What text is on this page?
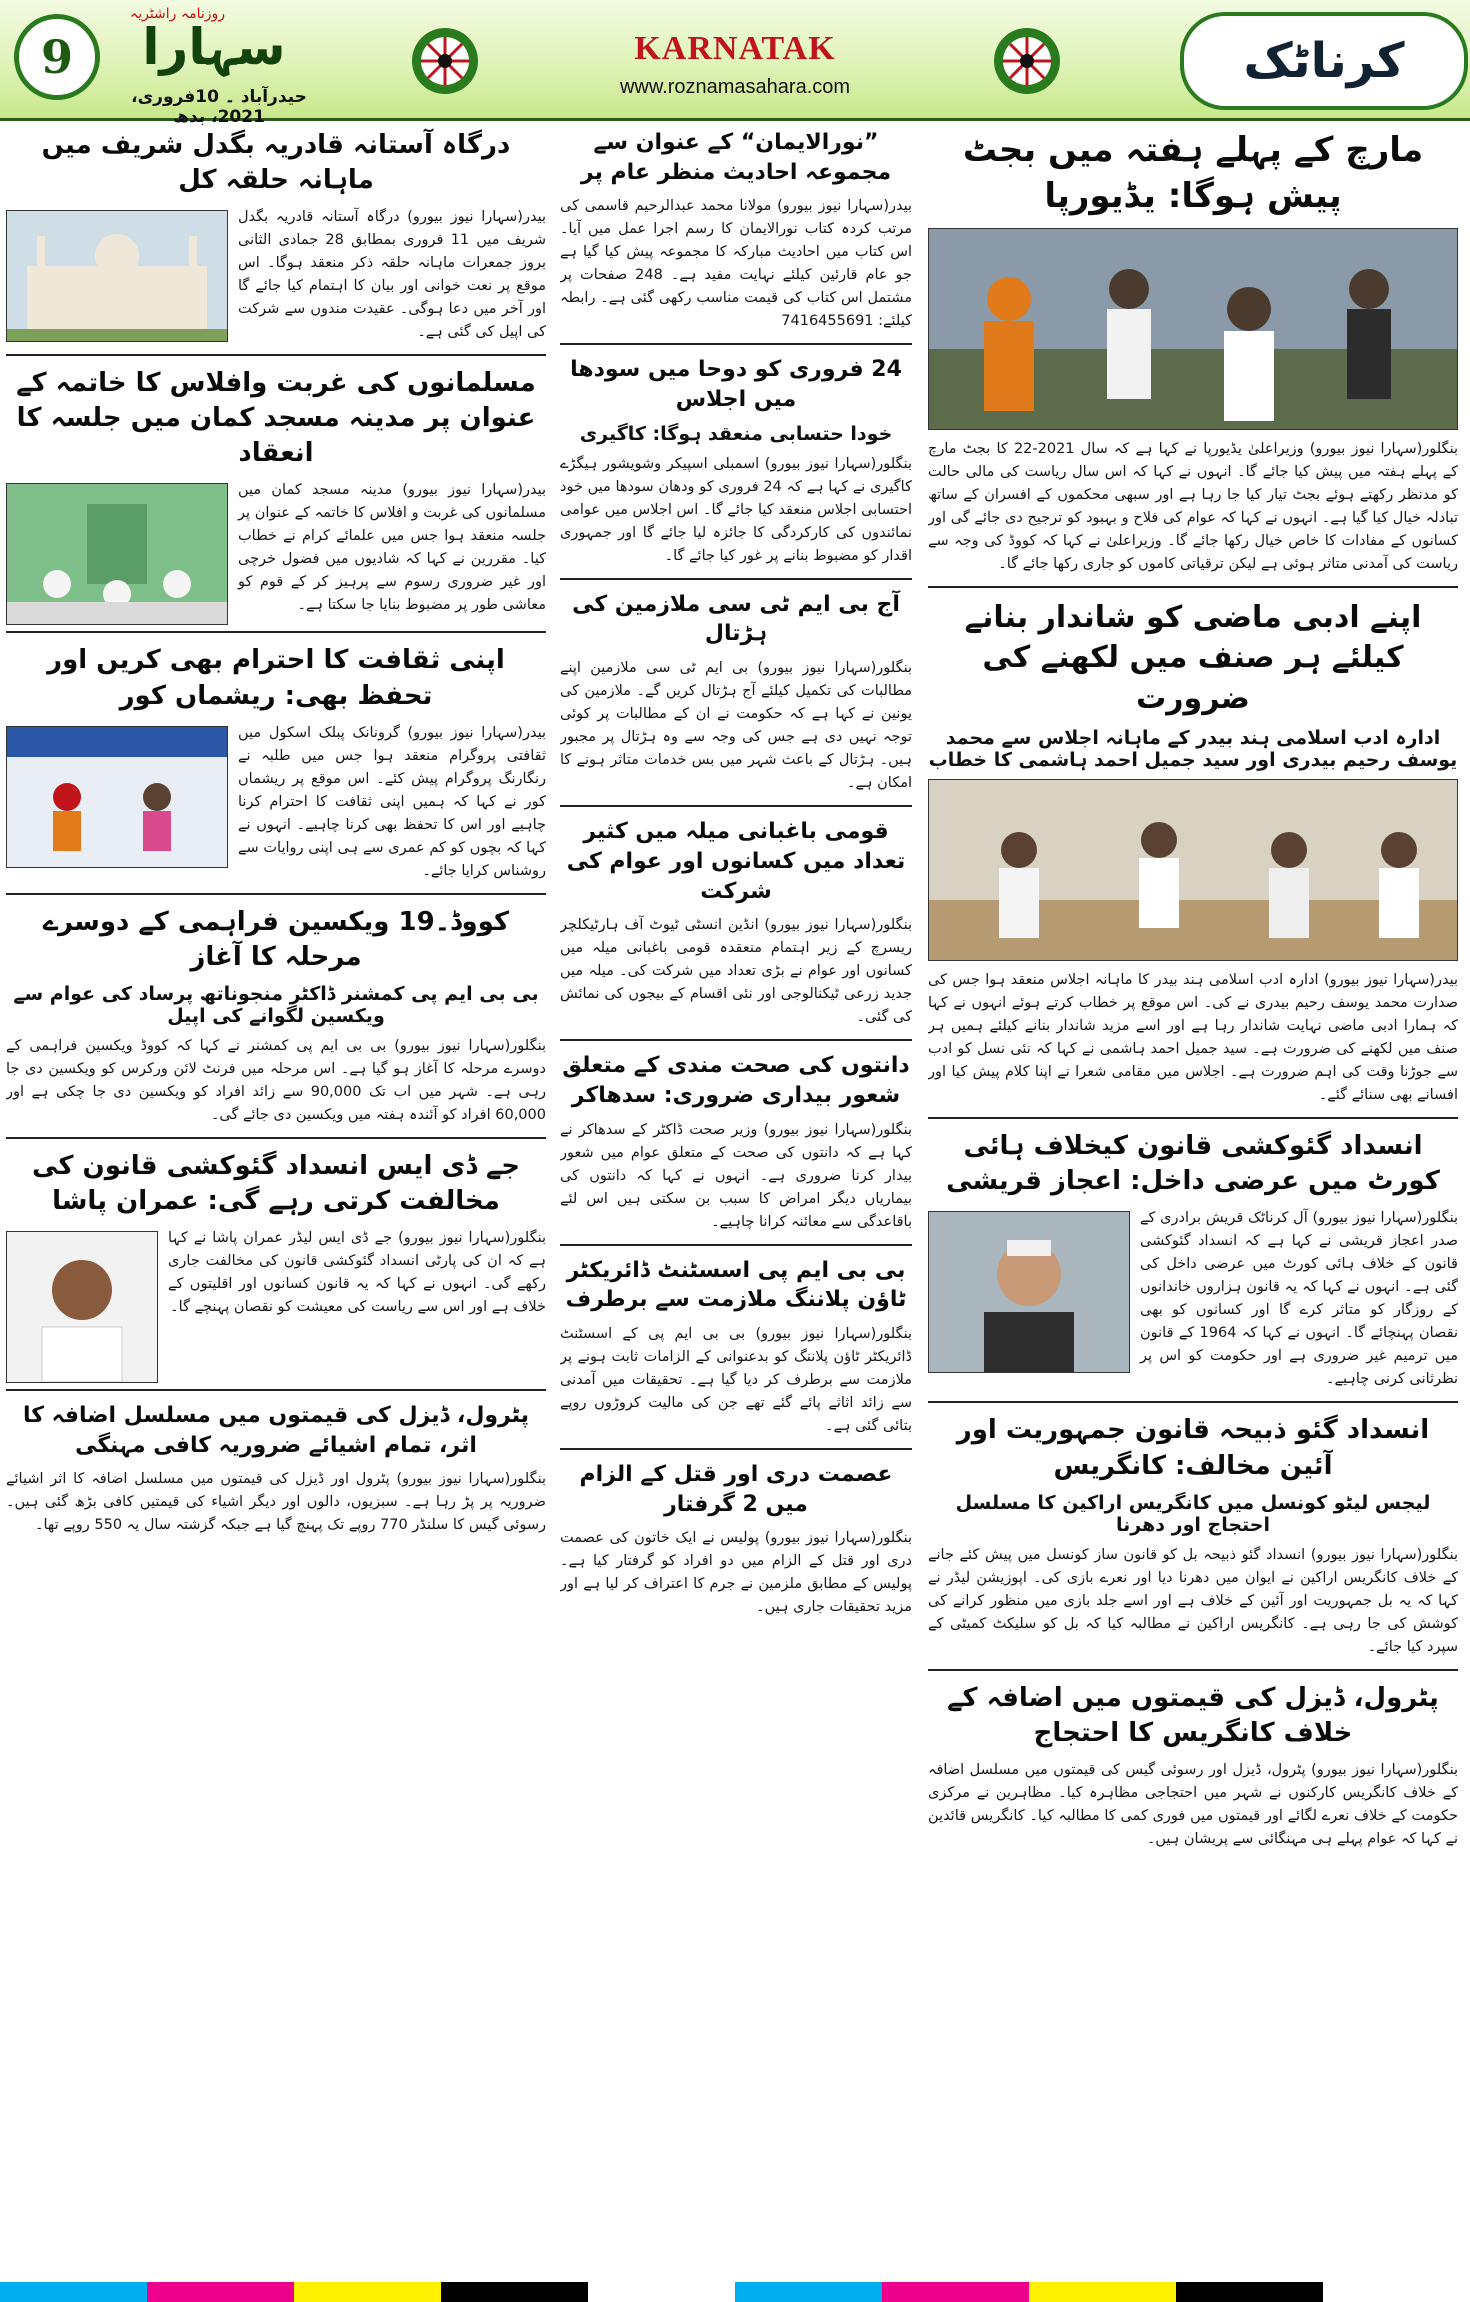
9
روزنامہ راشٹریہ
سہارا
حیدرآباد ۔ 10فروری، 2021، بدھ
KARNATAK
www.roznamasahara.com	کرناٹک
مارچ کے پہلے ہفتہ میں بجٹ پیش ہوگا: یڈیورپا
بنگلور(سہارا نیوز بیورو) وزیراعلیٰ یڈیورپا نے کہا ہے کہ سال 2021-22 کا بجٹ مارچ کے پہلے ہفتہ میں پیش کیا جائے گا۔ انہوں نے کہا کہ اس سال ریاست کی مالی حالت کو مدنظر رکھتے ہوئے بجٹ تیار کیا جا رہا ہے اور سبھی محکموں کے افسران کے ساتھ تبادلہ خیال کیا گیا ہے۔ انہوں نے کہا کہ عوام کی فلاح و بہبود کو ترجیح دی جائے گی اور کسانوں کے مفادات کا خاص خیال رکھا جائے گا۔ وزیراعلیٰ نے کہا کہ کووڈ کی وجہ سے ریاست کی آمدنی متاثر ہوئی ہے لیکن ترقیاتی کاموں کو جاری رکھا جائے گا۔
اپنے ادبی ماضی کو شاندار بنانے کیلئے ہر صنف میں لکھنے کی ضرورت
ادارہ ادب اسلامی ہند بیدر کے ماہانہ اجلاس سے محمد یوسف رحیم بیدری اور سید جمیل احمد ہاشمی کا خطاب
بیدر(سہارا نیوز بیورو) ادارہ ادب اسلامی ہند بیدر کا ماہانہ اجلاس منعقد ہوا جس کی صدارت محمد یوسف رحیم بیدری نے کی۔ اس موقع پر خطاب کرتے ہوئے انہوں نے کہا کہ ہمارا ادبی ماضی نہایت شاندار رہا ہے اور اسے مزید شاندار بنانے کیلئے ہمیں ہر صنف میں لکھنے کی ضرورت ہے۔ سید جمیل احمد ہاشمی نے کہا کہ نئی نسل کو ادب سے جوڑنا وقت کی اہم ضرورت ہے۔ اجلاس میں مقامی شعرا نے اپنا کلام پیش کیا اور افسانے بھی سنائے گئے۔
انسداد گئوکشی قانون کیخلاف ہائی کورٹ میں عرضی داخل: اعجاز قریشی
بنگلور(سہارا نیوز بیورو) آل کرناٹک قریش برادری کے صدر اعجاز قریشی نے کہا ہے کہ انسداد گئوکشی قانون کے خلاف ہائی کورٹ میں عرضی داخل کی گئی ہے۔ انہوں نے کہا کہ یہ قانون ہزاروں خاندانوں کے روزگار کو متاثر کرے گا اور کسانوں کو بھی نقصان پہنچائے گا۔ انہوں نے کہا کہ 1964 کے قانون میں ترمیم غیر ضروری ہے اور حکومت کو اس پر نظرثانی کرنی چاہیے۔
انسداد گئو ذبیحہ قانون جمہوریت اور آئین مخالف: کانگریس
لیجس لیٹو کونسل میں کانگریس اراکین کا مسلسل احتجاج اور دھرنا
بنگلور(سہارا نیوز بیورو) انسداد گئو ذبیحہ بل کو قانون ساز کونسل میں پیش کئے جانے کے خلاف کانگریس اراکین نے ایوان میں دھرنا دیا اور نعرے بازی کی۔ اپوزیشن لیڈر نے کہا کہ یہ بل جمہوریت اور آئین کے خلاف ہے اور اسے جلد بازی میں منظور کرانے کی کوشش کی جا رہی ہے۔ کانگریس اراکین نے مطالبہ کیا کہ بل کو سلیکٹ کمیٹی کے سپرد کیا جائے۔
پٹرول، ڈیزل کی قیمتوں میں اضافہ کے خلاف کانگریس کا احتجاج
بنگلور(سہارا نیوز بیورو) پٹرول، ڈیزل اور رسوئی گیس کی قیمتوں میں مسلسل اضافہ کے خلاف کانگریس کارکنوں نے شہر میں احتجاجی مظاہرہ کیا۔ مظاہرین نے مرکزی حکومت کے خلاف نعرے لگائے اور قیمتوں میں فوری کمی کا مطالبہ کیا۔ کانگریس قائدین نے کہا کہ عوام پہلے ہی مہنگائی سے پریشان ہیں۔
”نورالایمان“ کے عنوان سے مجموعہ احادیث منظر عام پر
بیدر(سہارا نیوز بیورو) مولانا محمد عبدالرحیم قاسمی کی مرتب کردہ کتاب نورالایمان کا رسم اجرا عمل میں آیا۔ اس کتاب میں احادیث مبارکہ کا مجموعہ پیش کیا گیا ہے جو عام قارئین کیلئے نہایت مفید ہے۔ 248 صفحات پر مشتمل اس کتاب کی قیمت مناسب رکھی گئی ہے۔ رابطہ کیلئے: 7416455691
24 فروری کو دوحا میں سودھا میں اجلاس
خودا حتسابی منعقد ہوگا: کاگیری
بنگلور(سہارا نیوز بیورو) اسمبلی اسپیکر وشویشور ہیگڑے کاگیری نے کہا ہے کہ 24 فروری کو ودھان سودھا میں خود احتسابی اجلاس منعقد کیا جائے گا۔ اس اجلاس میں عوامی نمائندوں کی کارکردگی کا جائزہ لیا جائے گا اور جمہوری اقدار کو مضبوط بنانے پر غور کیا جائے گا۔
آج بی ایم ٹی سی ملازمین کی ہڑتال
بنگلور(سہارا نیوز بیورو) بی ایم ٹی سی ملازمین اپنے مطالبات کی تکمیل کیلئے آج ہڑتال کریں گے۔ ملازمین کی یونین نے کہا ہے کہ حکومت نے ان کے مطالبات پر کوئی توجہ نہیں دی ہے جس کی وجہ سے وہ ہڑتال پر مجبور ہیں۔ ہڑتال کے باعث شہر میں بس خدمات متاثر ہونے کا امکان ہے۔
قومی باغبانی میلہ میں کثیر تعداد میں کسانوں اور عوام کی شرکت
بنگلور(سہارا نیوز بیورو) انڈین انسٹی ٹیوٹ آف ہارٹیکلچر ریسرچ کے زیر اہتمام منعقدہ قومی باغبانی میلہ میں کسانوں اور عوام نے بڑی تعداد میں شرکت کی۔ میلہ میں جدید زرعی ٹیکنالوجی اور نئی اقسام کے بیجوں کی نمائش کی گئی۔
دانتوں کی صحت مندی کے متعلق شعور بیداری ضروری: سدھاکر
بنگلور(سہارا نیوز بیورو) وزیر صحت ڈاکٹر کے سدھاکر نے کہا ہے کہ دانتوں کی صحت کے متعلق عوام میں شعور بیدار کرنا ضروری ہے۔ انہوں نے کہا کہ دانتوں کی بیماریاں دیگر امراض کا سبب بن سکتی ہیں اس لئے باقاعدگی سے معائنہ کرانا چاہیے۔
بی بی ایم پی اسسٹنٹ ڈائریکٹر ٹاؤن پلاننگ ملازمت سے برطرف
بنگلور(سہارا نیوز بیورو) بی بی ایم پی کے اسسٹنٹ ڈائریکٹر ٹاؤن پلاننگ کو بدعنوانی کے الزامات ثابت ہونے پر ملازمت سے برطرف کر دیا گیا ہے۔ تحقیقات میں آمدنی سے زائد اثاثے پائے گئے تھے جن کی مالیت کروڑوں روپے بتائی گئی ہے۔
عصمت دری اور قتل کے الزام میں 2 گرفتار
بنگلور(سہارا نیوز بیورو) پولیس نے ایک خاتون کی عصمت دری اور قتل کے الزام میں دو افراد کو گرفتار کیا ہے۔ پولیس کے مطابق ملزمین نے جرم کا اعتراف کر لیا ہے اور مزید تحقیقات جاری ہیں۔
درگاہ آستانہ قادریہ بگدل شریف میں ماہانہ حلقہ کل
بیدر(سہارا نیوز بیورو) درگاہ آستانہ قادریہ بگدل شریف میں 11 فروری بمطابق 28 جمادی الثانی بروز جمعرات ماہانہ حلقہ ذکر منعقد ہوگا۔ اس موقع پر نعت خوانی اور بیان کا اہتمام کیا جائے گا اور آخر میں دعا ہوگی۔ عقیدت مندوں سے شرکت کی اپیل کی گئی ہے۔
مسلمانوں کی غربت وافلاس کا خاتمہ کے عنوان پر مدینہ مسجد کمان میں جلسہ کا انعقاد
بیدر(سہارا نیوز بیورو) مدینہ مسجد کمان میں مسلمانوں کی غربت و افلاس کا خاتمہ کے عنوان پر جلسہ منعقد ہوا جس میں علمائے کرام نے خطاب کیا۔ مقررین نے کہا کہ شادیوں میں فضول خرچی اور غیر ضروری رسوم سے پرہیز کر کے قوم کو معاشی طور پر مضبوط بنایا جا سکتا ہے۔
اپنی ثقافت کا احترام بھی کریں اور تحفظ بھی: ریشماں کور
بیدر(سہارا نیوز بیورو) گرونانک پبلک اسکول میں ثقافتی پروگرام منعقد ہوا جس میں طلبہ نے رنگارنگ پروگرام پیش کئے۔ اس موقع پر ریشماں کور نے کہا کہ ہمیں اپنی ثقافت کا احترام کرنا چاہیے اور اس کا تحفظ بھی کرنا چاہیے۔ انہوں نے کہا کہ بچوں کو کم عمری سے ہی اپنی روایات سے روشناس کرایا جائے۔
کووڈ۔19 ویکسین فراہمی کے دوسرے مرحلہ کا آغاز
بی بی ایم پی کمشنر ڈاکٹر منجوناتھ پرساد کی عوام سے ویکسین لگوانے کی اپیل
بنگلور(سہارا نیوز بیورو) بی بی ایم پی کمشنر نے کہا کہ کووڈ ویکسین فراہمی کے دوسرے مرحلہ کا آغاز ہو گیا ہے۔ اس مرحلہ میں فرنٹ لائن ورکرس کو ویکسین دی جا رہی ہے۔ شہر میں اب تک 90,000 سے زائد افراد کو ویکسین دی جا چکی ہے اور 60,000 افراد کو آئندہ ہفتہ میں ویکسین دی جائے گی۔
جے ڈی ایس انسداد گئوکشی قانون کی مخالفت کرتی رہے گی: عمران پاشا
بنگلور(سہارا نیوز بیورو) جے ڈی ایس لیڈر عمران پاشا نے کہا ہے کہ ان کی پارٹی انسداد گئوکشی قانون کی مخالفت جاری رکھے گی۔ انہوں نے کہا کہ یہ قانون کسانوں اور اقلیتوں کے خلاف ہے اور اس سے ریاست کی معیشت کو نقصان پہنچے گا۔
پٹرول، ڈیزل کی قیمتوں میں مسلسل اضافہ کا اثر، تمام اشیائے ضروریہ کافی مہنگی
بنگلور(سہارا نیوز بیورو) پٹرول اور ڈیزل کی قیمتوں میں مسلسل اضافہ کا اثر اشیائے ضروریہ پر پڑ رہا ہے۔ سبزیوں، دالوں اور دیگر اشیاء کی قیمتیں کافی بڑھ گئی ہیں۔ رسوئی گیس کا سلنڈر 770 روپے تک پہنچ گیا ہے جبکہ گزشتہ سال یہ 550 روپے تھا۔
